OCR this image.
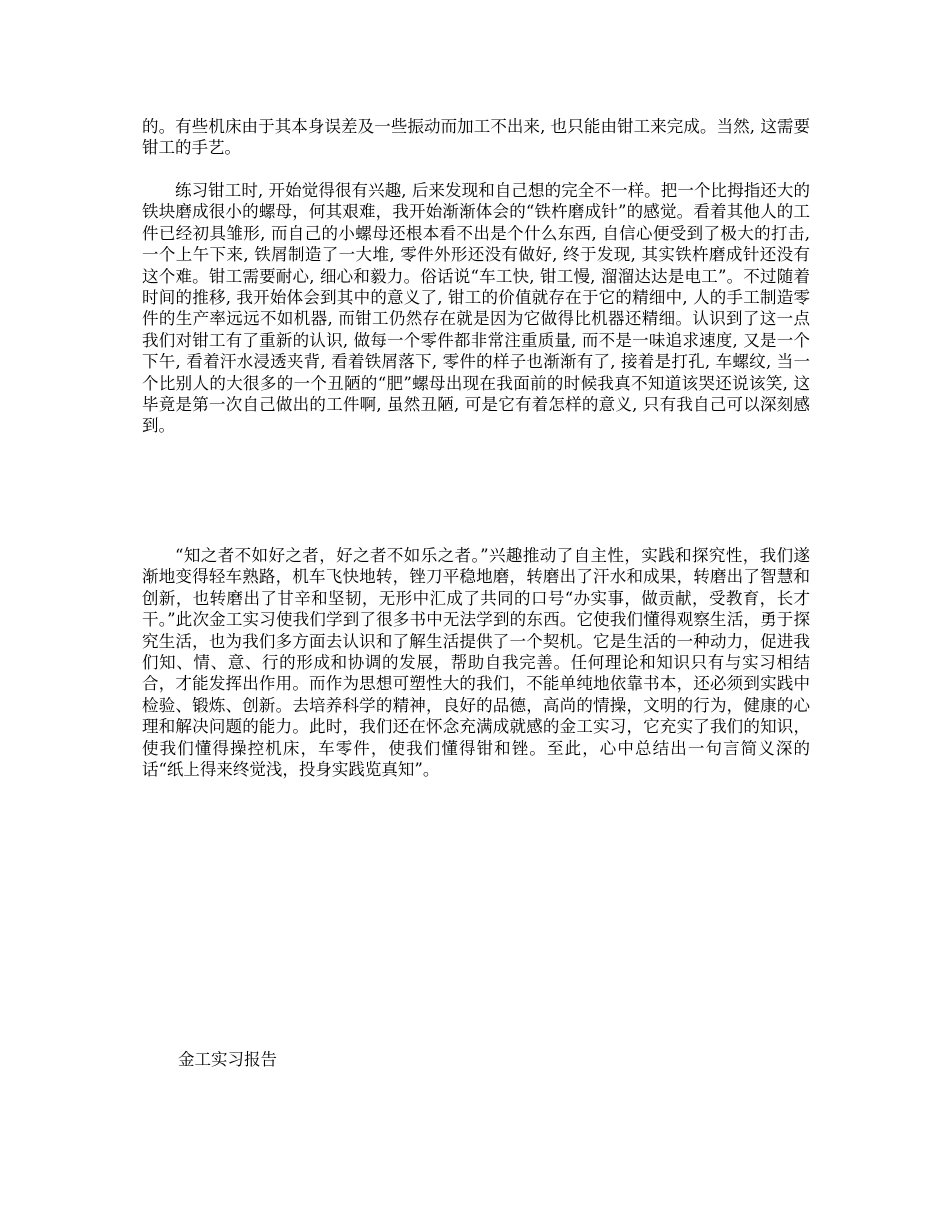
的。有些机床由于其本身误差及一些振动而加工不出来, 也只能由钳工来完成。当然, 这需要钳工的手艺。

练习钳工时, 开始觉得很有兴趣, 后来发现和自己想的完全不一样。把一个比拇指还大的铁块磨成很小的螺母，何其艰难，我开始渐渐体会的“铁杵磨成针”的感觉。看着其他人的工件已经初具雏形, 而自己的小螺母还根本看不出是个什么东西, 自信心便受到了极大的打击, 一个上午下来, 铁屑制造了一大堆, 零件外形还没有做好, 终于发现, 其实铁杵磨成针还没有这个难。钳工需要耐心, 细心和毅力。俗话说“车工快, 钳工慢, 溜溜达达是电工”。不过随着时间的推移, 我开始体会到其中的意义了, 钳工的价值就存在于它的精细中, 人的手工制造零件的生产率远远不如机器, 而钳工仍然存在就是因为它做得比机器还精细。认识到了这一点我们对钳工有了重新的认识, 做每一个零件都非常注重质量, 而不是一味追求速度, 又是一个下午, 看着汗水浸透夹背, 看着铁屑落下, 零件的样子也渐渐有了, 接着是打孔, 车螺纹, 当一个比别人的大很多的一个丑陋的“肥”螺母出现在我面前的时候我真不知道该哭还说该笑, 这毕竟是第一次自己做出的工件啊, 虽然丑陋, 可是它有着怎样的意义, 只有我自己可以深刻感到。

“知之者不如好之者，好之者不如乐之者。”兴趣推动了自主性，实践和探究性，我们遂渐地变得轻车熟路，机车飞快地转，锉刀平稳地磨，转磨出了汗水和成果，转磨出了智慧和创新，也转磨出了甘辛和坚韧，无形中汇成了共同的口号“办实事，做贡献，受教育，长才干。”此次金工实习使我们学到了很多书中无法学到的东西。它使我们懂得观察生活，勇于探究生活，也为我们多方面去认识和了解生活提供了一个契机。它是生活的一种动力，促进我们知、情、意、行的形成和协调的发展，帮助自我完善。任何理论和知识只有与实习相结合，才能发挥出作用。而作为思想可塑性大的我们，不能单纯地依靠书本，还必须到实践中检验、锻炼、创新。去培养科学的精神，良好的品德，高尚的情操，文明的行为，健康的心理和解决问题的能力。此时，我们还在怀念充满成就感的金工实习，它充实了我们的知识，使我们懂得操控机床，车零件，使我们懂得钳和锉。至此，心中总结出一句言简义深的话“纸上得来终觉浅，投身实践览真知”。

金工实习报告
